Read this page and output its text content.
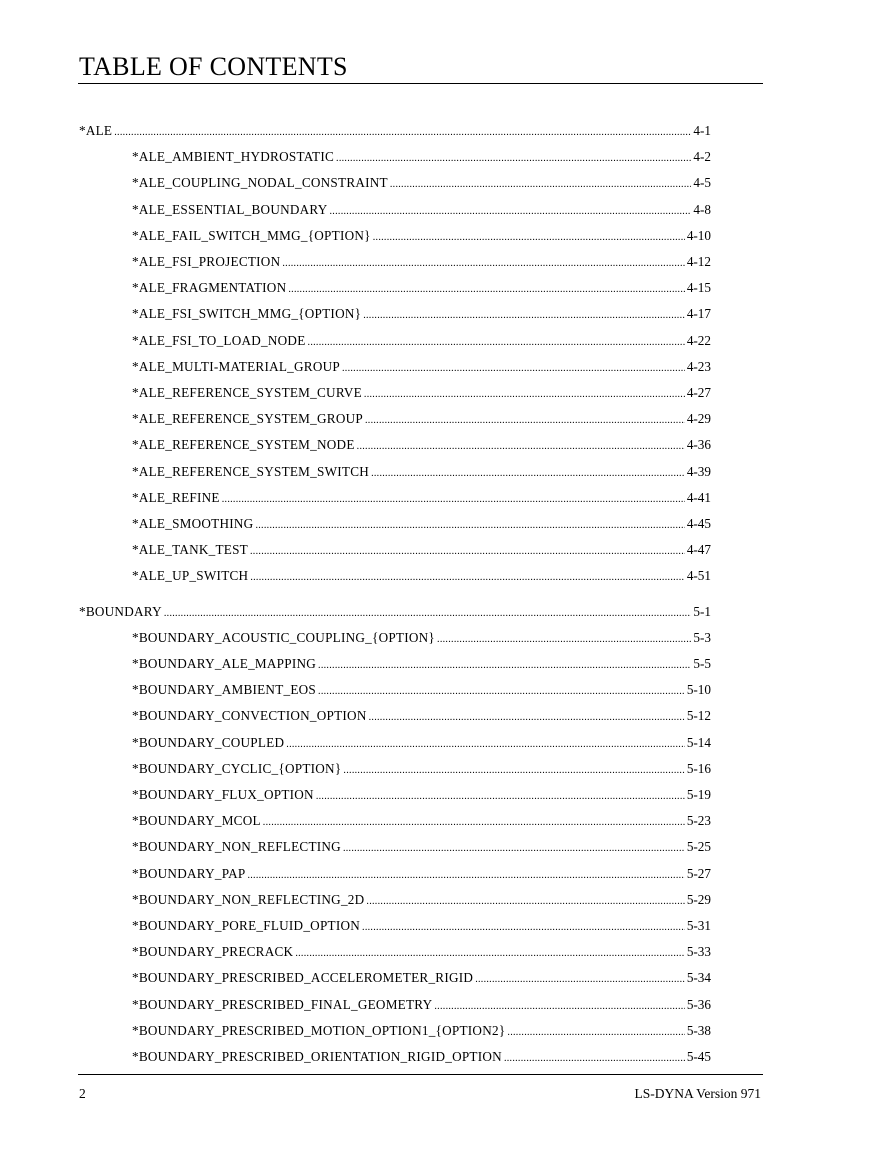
TABLE OF CONTENTS
*ALE .....	4-1
*ALE_AMBIENT_HYDROSTATIC .....	4-2
*ALE_COUPLING_NODAL_CONSTRAINT .....	4-5
*ALE_ESSENTIAL_BOUNDARY .....	4-8
*ALE_FAIL_SWITCH_MMG_{OPTION} .....	4-10
*ALE_FSI_PROJECTION .....	4-12
*ALE_FRAGMENTATION .....	4-15
*ALE_FSI_SWITCH_MMG_{OPTION} .....	4-17
*ALE_FSI_TO_LOAD_NODE .....	4-22
*ALE_MULTI-MATERIAL_GROUP .....	4-23
*ALE_REFERENCE_SYSTEM_CURVE .....	4-27
*ALE_REFERENCE_SYSTEM_GROUP .....	4-29
*ALE_REFERENCE_SYSTEM_NODE .....	4-36
*ALE_REFERENCE_SYSTEM_SWITCH .....	4-39
*ALE_REFINE .....	4-41
*ALE_SMOOTHING .....	4-45
*ALE_TANK_TEST .....	4-47
*ALE_UP_SWITCH .....	4-51
*BOUNDARY .....	5-1
*BOUNDARY_ACOUSTIC_COUPLING_{OPTION} .....	5-3
*BOUNDARY_ALE_MAPPING .....	5-5
*BOUNDARY_AMBIENT_EOS .....	5-10
*BOUNDARY_CONVECTION_OPTION .....	5-12
*BOUNDARY_COUPLED .....	5-14
*BOUNDARY_CYCLIC_{OPTION} .....	5-16
*BOUNDARY_FLUX_OPTION .....	5-19
*BOUNDARY_MCOL .....	5-23
*BOUNDARY_NON_REFLECTING .....	5-25
*BOUNDARY_PAP .....	5-27
*BOUNDARY_NON_REFLECTING_2D .....	5-29
*BOUNDARY_PORE_FLUID_OPTION .....	5-31
*BOUNDARY_PRECRACK .....	5-33
*BOUNDARY_PRESCRIBED_ACCELEROMETER_RIGID .....	5-34
*BOUNDARY_PRESCRIBED_FINAL_GEOMETRY .....	5-36
*BOUNDARY_PRESCRIBED_MOTION_OPTION1_{OPTION2} .....	5-38
*BOUNDARY_PRESCRIBED_ORIENTATION_RIGID_OPTION .....	5-45
2	LS-DYNA Version 971
